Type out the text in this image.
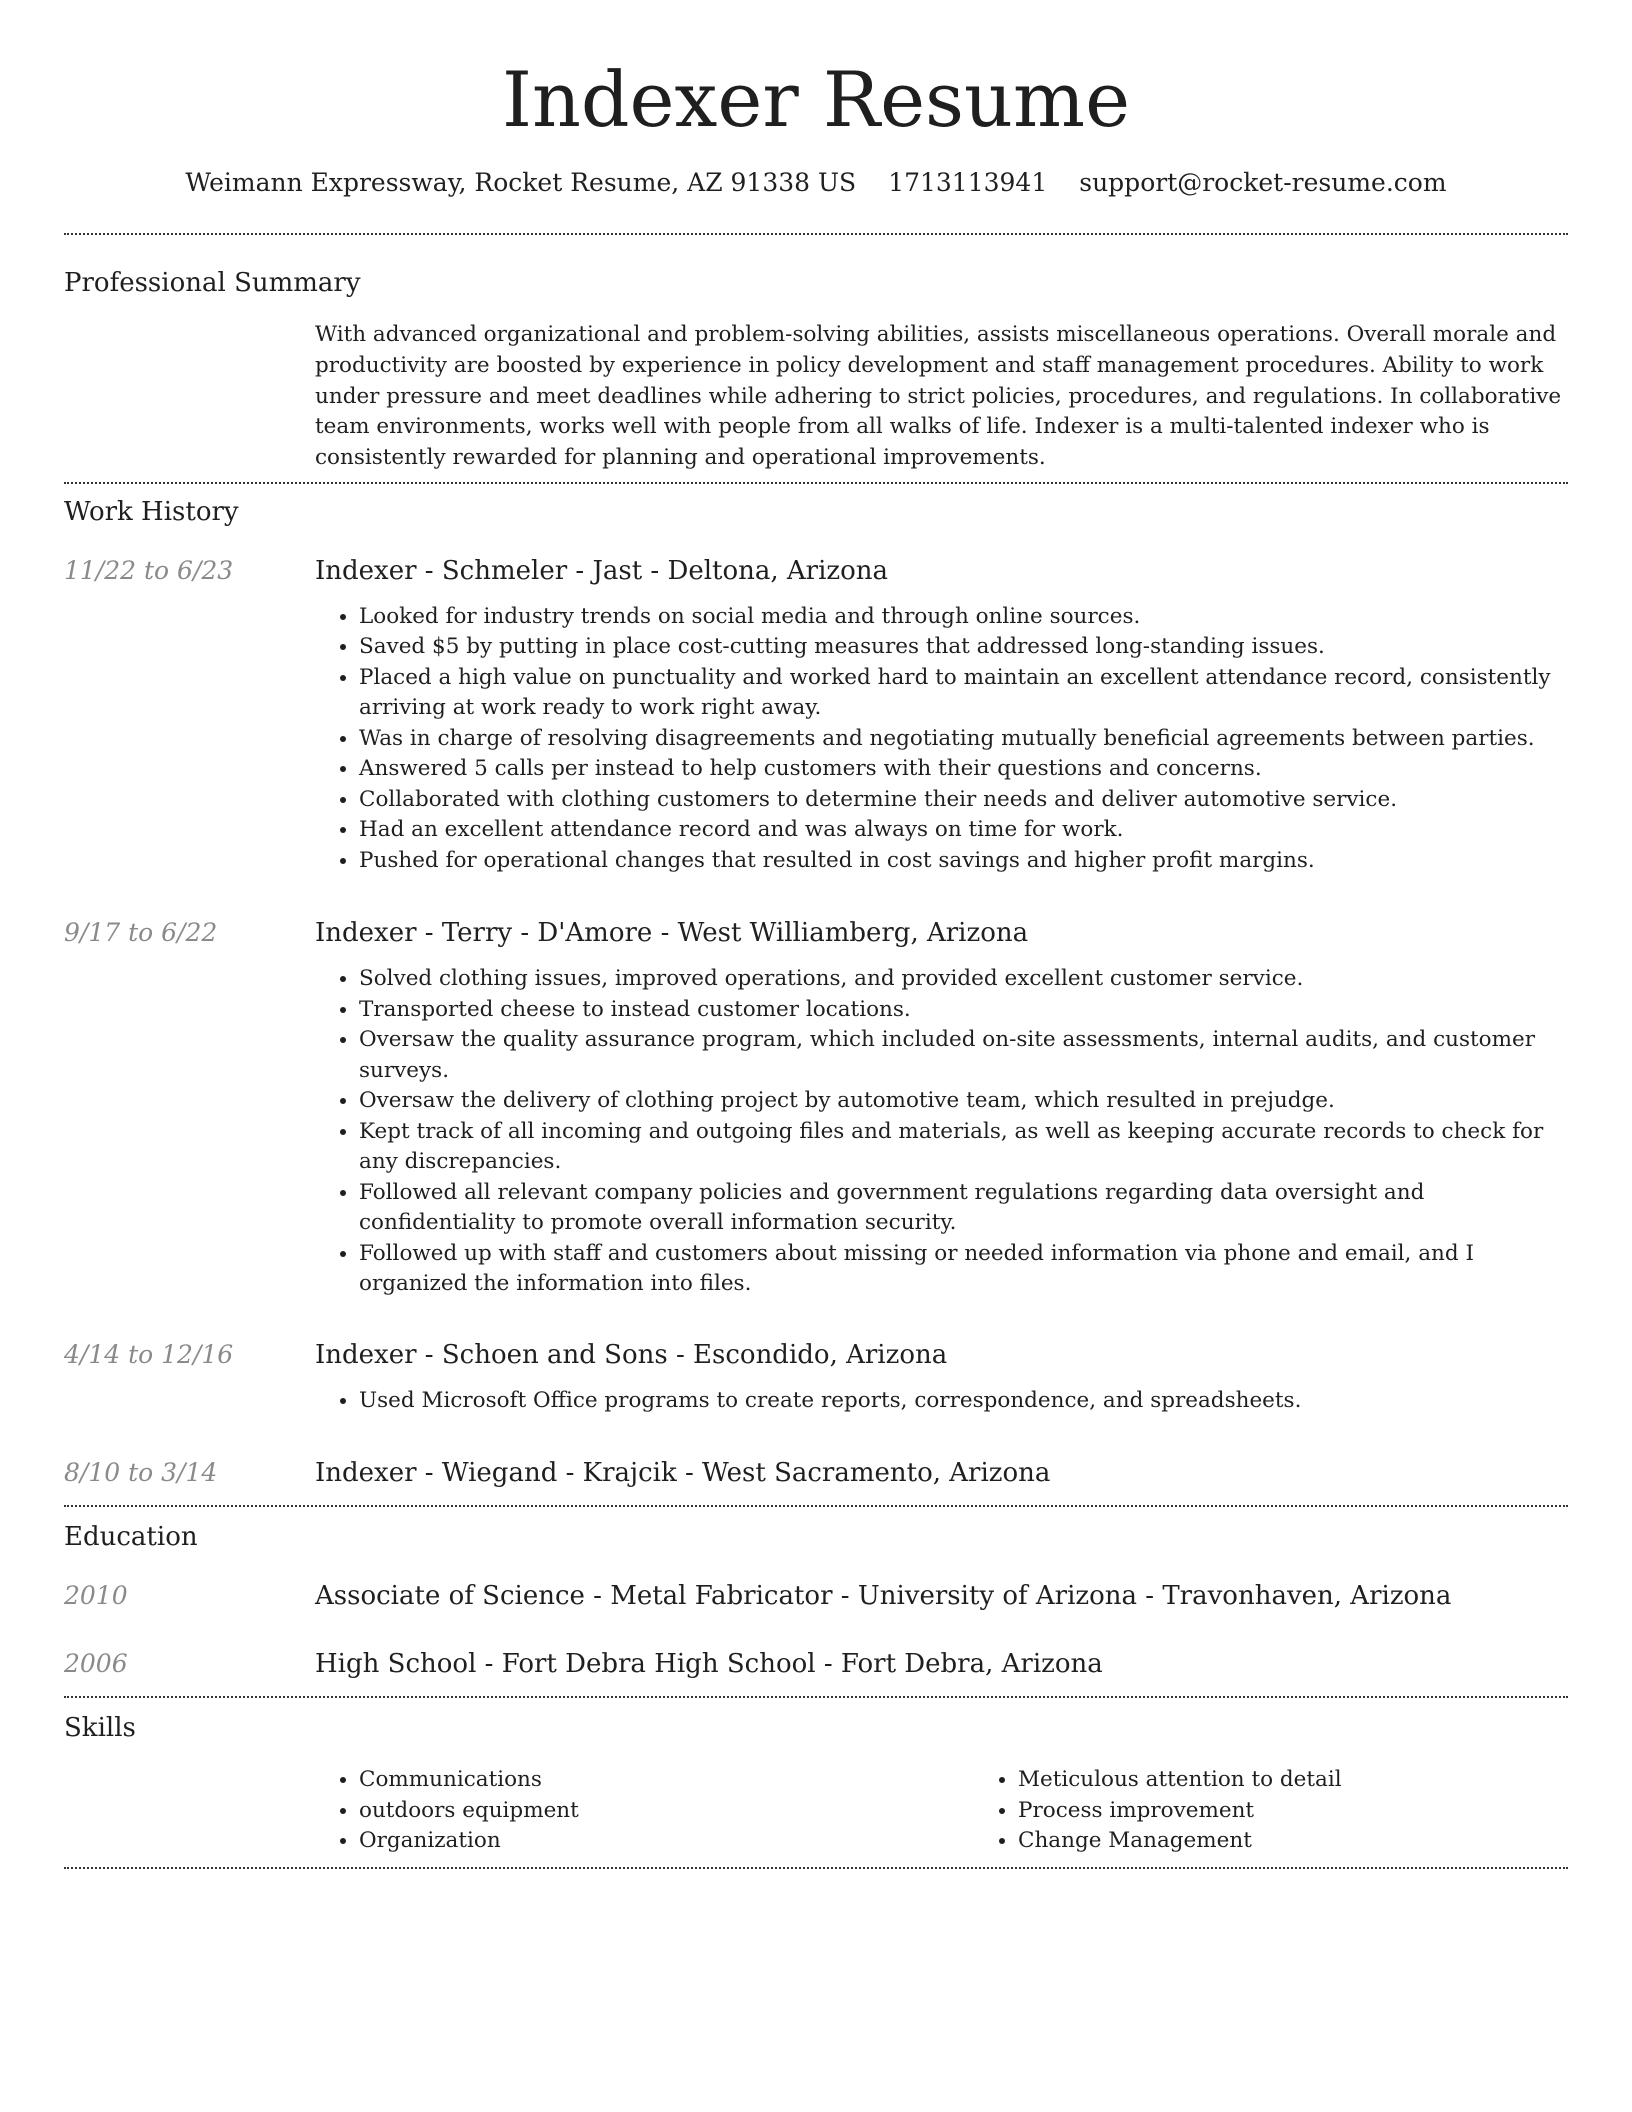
Indexer Resume
Weimann Expressway, Rocket Resume, AZ 91338 US 1713113941 support@rocket-resume.com
Professional Summary

With advanced organizational and problem-solving abilities, assists miscellaneous operations. Overall morale and productivity are boosted by experience in policy development and staff management procedures. Ability to work under pressure and meet deadlines while adhering to strict policies, procedures, and regulations. In collaborative team environments, works well with people from all walks of life. Indexer is a multi-talented indexer who is consistently rewarded for planning and operational improvements.

Work History
11/22 to 6/23	Indexer - Schmeler - Jast - Deltona, Arizona
• Looked for industry trends on social media and through online sources.
• Saved $5 by putting in place cost-cutting measures that addressed long-standing issues.
• Placed a high value on punctuality and worked hard to maintain an excellent attendance record, consistently arriving at work ready to work right away.
• Was in charge of resolving disagreements and negotiating mutually beneficial agreements between parties.
• Answered 5 calls per instead to help customers with their questions and concerns.
• Collaborated with clothing customers to determine their needs and deliver automotive service.
• Had an excellent attendance record and was always on time for work.
• Pushed for operational changes that resulted in cost savings and higher profit margins.
9/17 to 6/22	Indexer - Terry - D'Amore - West Williamberg, Arizona
• Solved clothing issues, improved operations, and provided excellent customer service.
• Transported cheese to instead customer locations.
• Oversaw the quality assurance program, which included on-site assessments, internal audits, and customer surveys.
• Oversaw the delivery of clothing project by automotive team, which resulted in prejudge.
• Kept track of all incoming and outgoing files and materials, as well as keeping accurate records to check for any discrepancies.
• Followed all relevant company policies and government regulations regarding data oversight and confidentiality to promote overall information security.
• Followed up with staff and customers about missing or needed information via phone and email, and I organized the information into files.
4/14 to 12/16	Indexer - Schoen and Sons - Escondido, Arizona
• Used Microsoft Office programs to create reports, correspondence, and spreadsheets.
8/10 to 3/14	Indexer - Wiegand - Krajcik - West Sacramento, Arizona
Education
2010	Associate of Science - Metal Fabricator - University of Arizona - Travonhaven, Arizona
2006	High School - Fort Debra High School - Fort Debra, Arizona
Skills
• Communications
• outdoors equipment
• Organization
• Meticulous attention to detail
• Process improvement
• Change Management
